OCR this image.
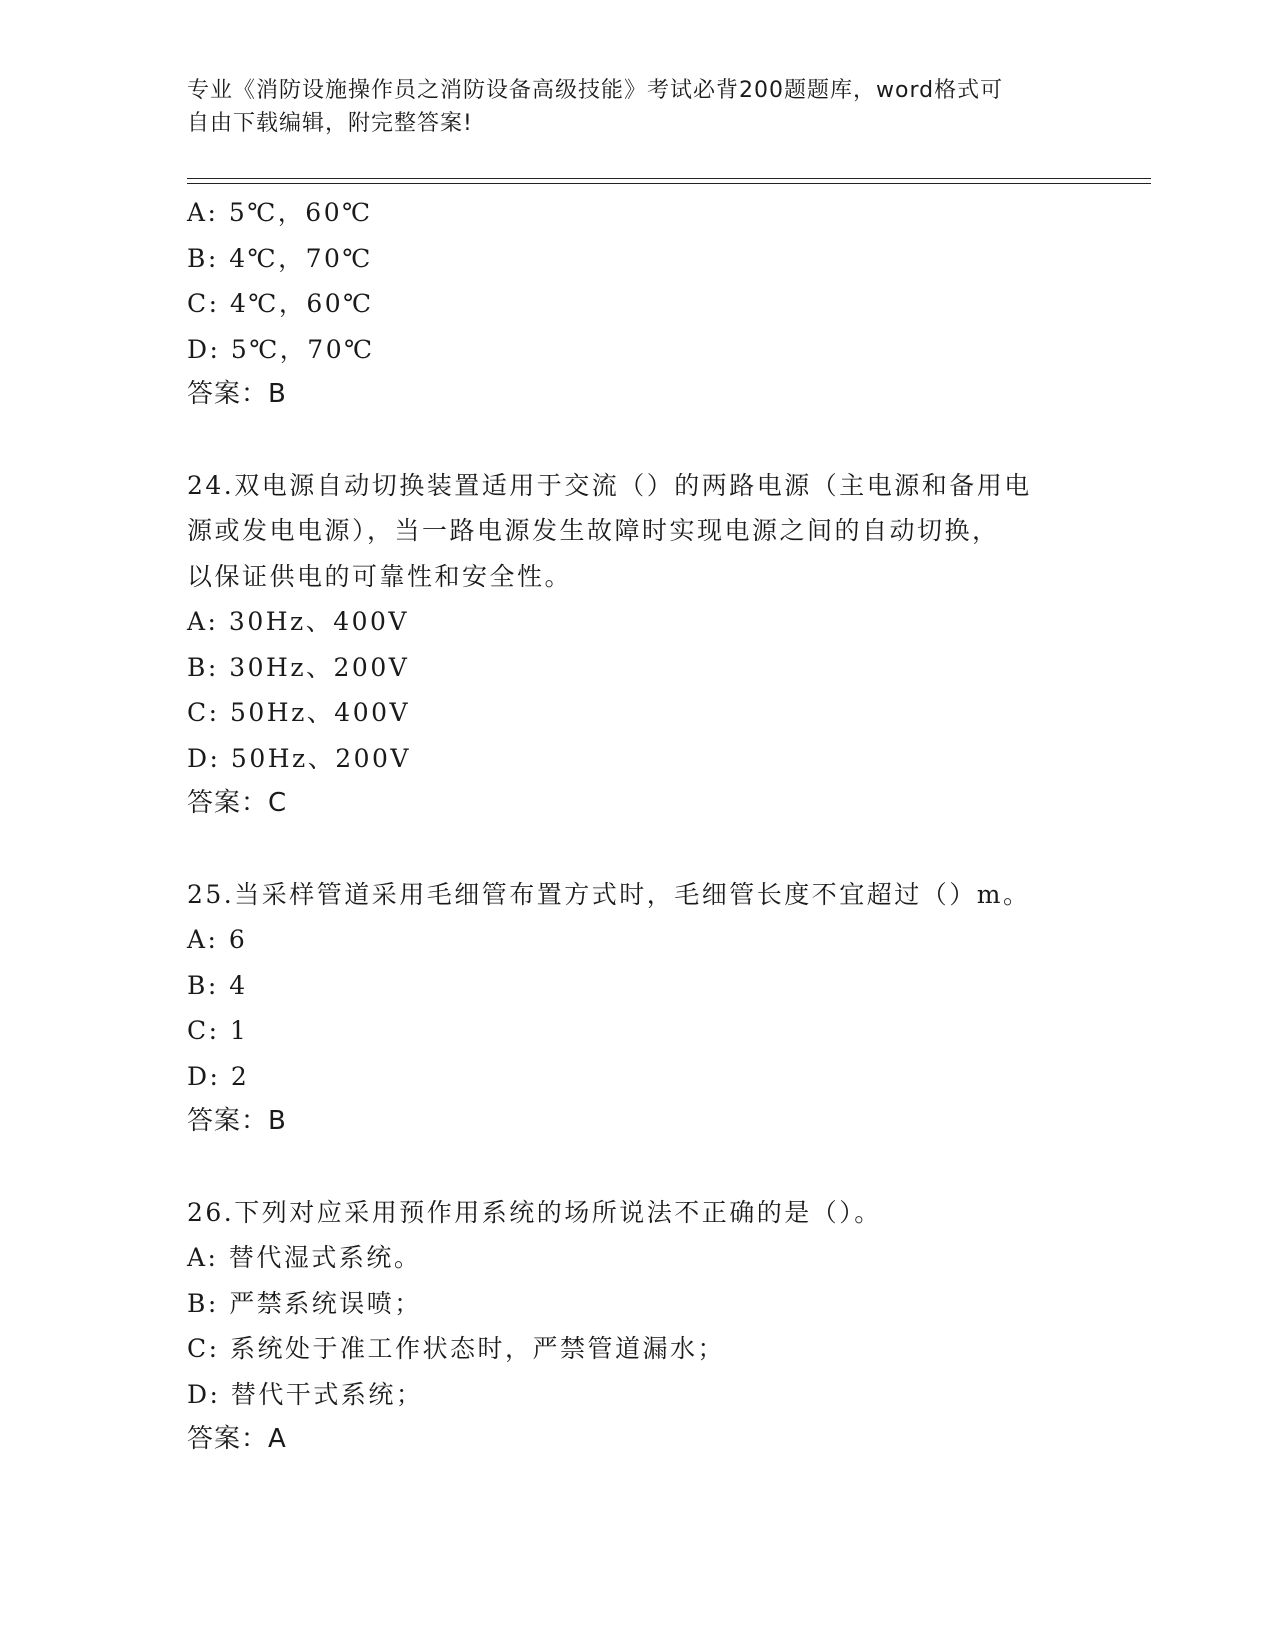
专业《消防设施操作员之消防设备高级技能》考试必背200题题库，word格式可
自由下载编辑，附完整答案!
A: 5℃，60℃
B: 4℃，70℃
C: 4℃，60℃
D: 5℃，70℃
答案：B
24.双电源自动切换装置适用于交流（）的两路电源（主电源和备用电
源或发电电源），当一路电源发生故障时实现电源之间的自动切换，
以保证供电的可靠性和安全性。
A: 30Hz、400V
B: 30Hz、200V
C: 50Hz、400V
D: 50Hz、200V
答案：C
25.当采样管道采用毛细管布置方式时，毛细管长度不宜超过（）m。
A: 6
B: 4
C: 1
D: 2
答案：B
26.下列对应采用预作用系统的场所说法不正确的是（）。
A: 替代湿式系统。
B: 严禁系统误喷；
C: 系统处于准工作状态时，严禁管道漏水；
D: 替代干式系统；
答案：A
